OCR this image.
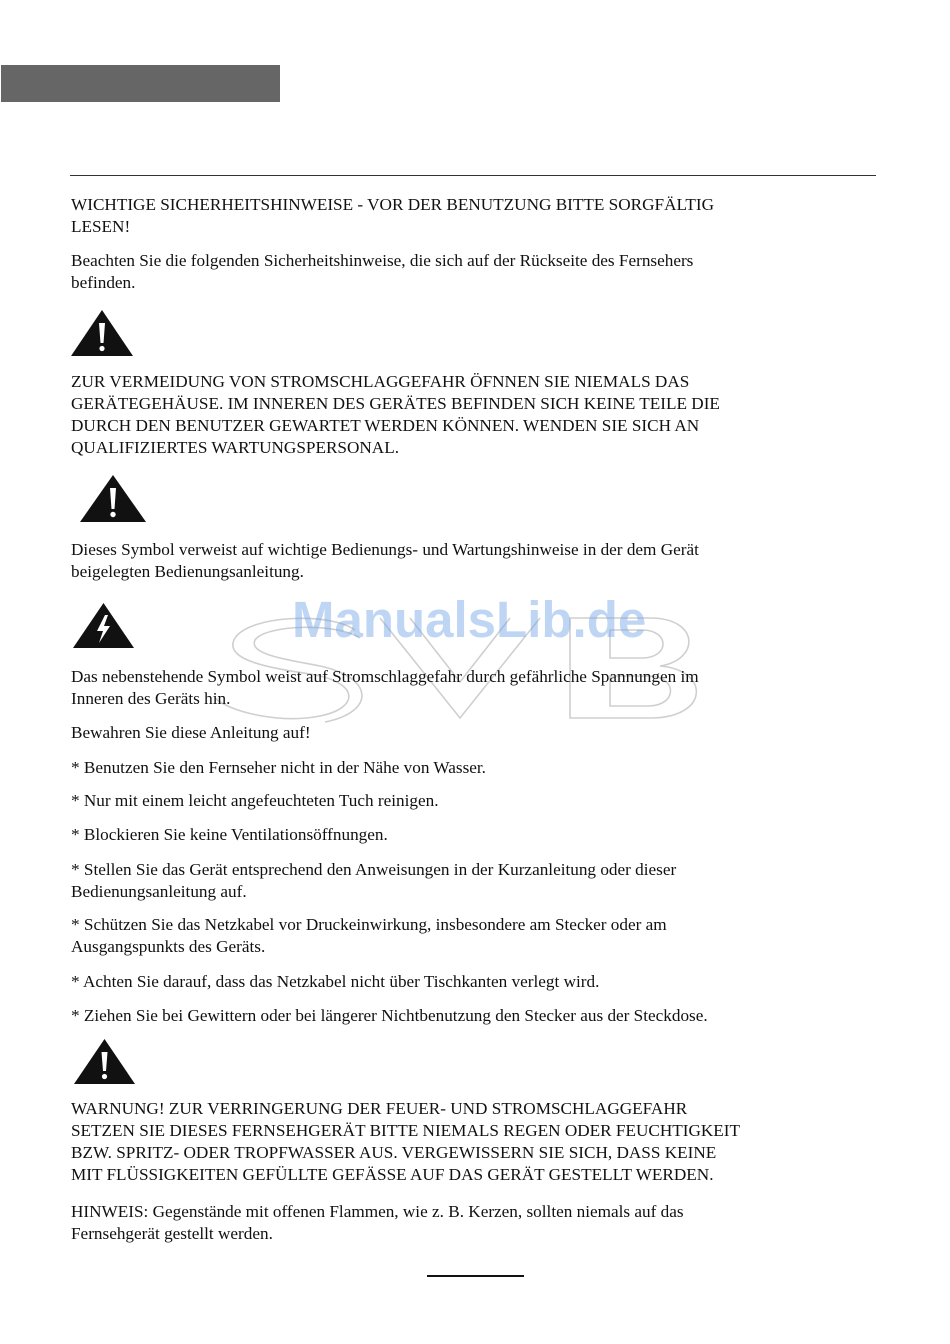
ManualsLib.de

WICHTIGE SICHERHEITSHINWEISE - VOR DER BENUTZUNG BITTE SORGFÄLTIG
LESEN!

Beachten Sie die folgenden Sicherheitshinweise, die sich auf der Rückseite des Fernsehers
befinden.

ZUR VERMEIDUNG VON STROMSCHLAGGEFAHR ÖFNNEN SIE NIEMALS DAS
GERÄTEGEHÄUSE. IM INNEREN DES GERÄTES BEFINDEN SICH KEINE TEILE DIE
DURCH DEN BENUTZER GEWARTET WERDEN KÖNNEN. WENDEN SIE SICH AN
QUALIFIZIERTES WARTUNGSPERSONAL.

Dieses Symbol verweist auf wichtige Bedienungs- und Wartungshinweise in der dem Gerät
beigelegten Bedienungsanleitung.

Das nebenstehende Symbol weist auf Stromschlaggefahr durch gefährliche Spannungen im
Inneren des Geräts hin.

Bewahren Sie diese Anleitung auf!

* Benutzen Sie den Fernseher nicht in der Nähe von Wasser.

* Nur mit einem leicht angefeuchteten Tuch reinigen.

* Blockieren Sie keine Ventilationsöffnungen.

* Stellen Sie das Gerät entsprechend den Anweisungen in der Kurzanleitung oder dieser
Bedienungsanleitung auf.

* Schützen Sie das Netzkabel vor Druckeinwirkung, insbesondere am Stecker oder am
Ausgangspunkts des Geräts.

* Achten Sie darauf, dass das Netzkabel nicht über Tischkanten verlegt wird.

* Ziehen Sie bei Gewittern oder bei längerer Nichtbenutzung den Stecker aus der Steckdose.

WARNUNG! ZUR VERRINGERUNG DER FEUER- UND STROMSCHLAGGEFAHR
SETZEN SIE DIESES FERNSEHGERÄT BITTE NIEMALS REGEN ODER FEUCHTIGKEIT
BZW. SPRITZ- ODER TROPFWASSER AUS. VERGEWISSERN SIE SICH, DASS KEINE
MIT FLÜSSIGKEITEN GEFÜLLTE GEFÄSSE AUF DAS GERÄT GESTELLT WERDEN.

HINWEIS: Gegenstände mit offenen Flammen, wie z. B. Kerzen, sollten niemals auf das
Fernsehgerät gestellt werden.
